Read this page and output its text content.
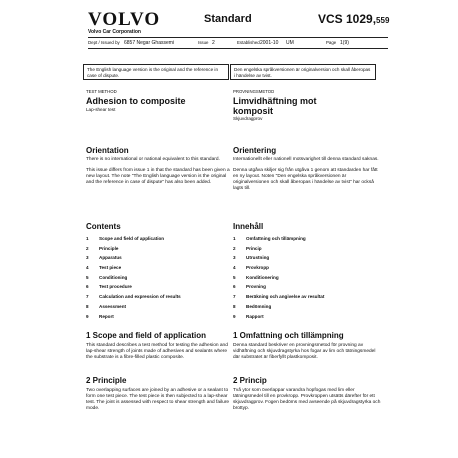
VOLVO
Volvo Car Corporation
Standard	VCS 1029,559
Dept / Issued by 6857 Negar Ghassemi	Issue 2	Established 2001-10 UM	Page 1(9)
The English language version is the original and the reference in case of dispute.
Den engelska språkversionen är originalversion och skall åberopas i händelse av tvist.
TEST METHOD
Adhesion to composite
Lap-shear test
Orientation

There is no international or national equivalent to this standard.

This issue differs from issue 1 in that the standard has been given a new layout. The note "The English language version is the original and the reference in case of dispute" has also been added.

Contents
1 Scope and field of application
2 Principle
3 Apparatus
4 Test piece
5 Conditioning
6 Test procedure
7 Calculation and expression of results
8 Assessment
9 Report
1 Scope and field of application

This standard describes a test method for testing the adhesion and lap-shear strength of joints made of adhesives and sealants where the substrate is a fibre-filled plastic composite.

2 Principle

Two overlapping surfaces are joined by an adhesive or a sealant to form one test piece. The test piece is then subjected to a lap-shear test. The joint is assessed with respect to shear strength and failure mode.

PROVNINGSMETOD
Limvidhäftning mot komposit
Skjuvdragprov
Orientering

Internationellt eller nationell motsvarighet till denna standard saknas.

Denna utgåva skiljer sig från utgåva 1 genom att standarden har fått en ny layout. Noten "Den engelska språkversionen är originalversionen och skall åberopas i händelse av tvist" har också lagts till.

Innehåll
1 Omfattning och tillämpning
2 Princip
3 Utrustning
4 Provkropp
5 Konditionering
6 Provning
7 Beräkning och angivelse av resultat
8 Bedömning
9 Rapport
1 Omfattning och tillämpning

Denna standard beskriver en provningsmetod för provning av vidhäftning och skjuvdragstyrka hos fogar av lim och tätningsmedel där substratet är fiberfyllt plastkomposit.

2 Princip

Två ytor som överlappar varandra hopfogas med lim eller tätningsmedel till en provkropp. Provkroppen utsätts därefter för ett skjuvdragprov. Fogen bedöms med avseende på skjuvdragstyrka och brottyp.
